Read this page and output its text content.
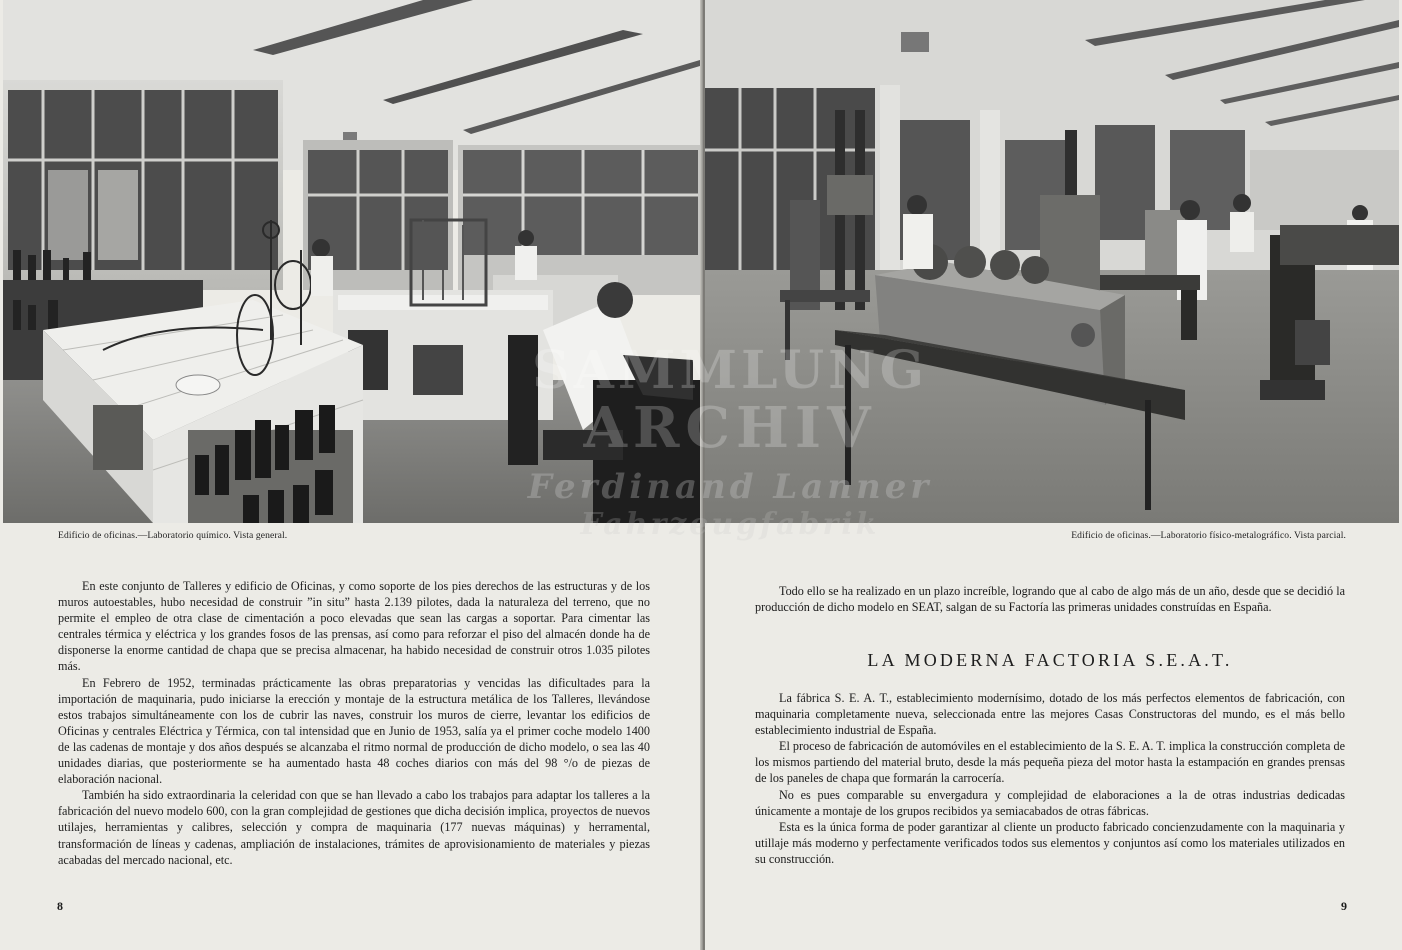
Edificio de oficinas.—Laboratorio químico. Vista general.

En este conjunto de Talleres y edificio de Oficinas, y como soporte de los pies derechos de las estructuras y de los muros autoestables, hubo necesidad de construir ”in situ” hasta 2.139 pilotes, dada la naturaleza del terreno, que no permite el empleo de otra clase de cimentación a poco elevadas que sean las cargas a soportar. Para cimentar las centrales térmica y eléctrica y los grandes fosos de las prensas, así como para reforzar el piso del almacén donde ha de disponerse la enorme cantidad de chapa que se precisa almacenar, ha habido necesidad de construir otros 1.035 pilotes más.

En Febrero de 1952, terminadas prácticamente las obras preparatorias y vencidas las dificultades para la importación de maquinaria, pudo iniciarse la erección y montaje de la estructura metálica de los Talleres, llevándose estos trabajos simultáneamente con los de cubrir las naves, construir los muros de cierre, levantar los edificios de Oficinas y centrales Eléctrica y Térmica, con tal intensidad que en Junio de 1953, salía ya el primer coche modelo 1400 de las cadenas de montaje y dos años después se alcanzaba el ritmo normal de producción de dicho modelo, o sea las 40 unidades diarias, que posteriormente se ha aumentado hasta 48 coches diarios con más del 98 °/o de piezas de elaboración nacional.

También ha sido extraordinaria la celeridad con que se han llevado a cabo los trabajos para adaptar los talleres a la fabricación del nuevo modelo 600, con la gran complejidad de gestiones que dicha decisión implica, proyectos de nuevos utilajes, herramientas y calibres, selección y compra de maquinaria (177 nuevas máquinas) y herramental, transformación de líneas y cadenas, ampliación de instalaciones, trámites de aprovisionamiento de materiales y piezas acabadas del mercado nacional, etc.

8
Edificio de oficinas.—Laboratorio físico-metalográfico. Vista parcial.

Todo ello se ha realizado en un plazo increíble, logrando que al cabo de algo más de un año, desde que se decidió la producción de dicho modelo en SEAT, salgan de su Factoría las primeras unidades construídas en España.

LA MODERNA FACTORIA S.E.A.T.

La fábrica S. E. A. T., establecimiento modernísimo, dotado de los más perfectos elementos de fabricación, con maquinaria completamente nueva, seleccionada entre las mejores Casas Constructoras del mundo, es el más bello establecimiento industrial de España.

El proceso de fabricación de automóviles en el establecimiento de la S. E. A. T. implica la construcción completa de los mismos partiendo del material bruto, desde la más pequeña pieza del motor hasta la estampación en grandes prensas de los paneles de chapa que formarán la carrocería.

No es pues comparable su envergadura y complejidad de elaboraciones a la de otras industrias dedicadas únicamente a montaje de los grupos recibidos ya semiacabados de otras fábricas.

Esta es la única forma de poder garantizar al cliente un producto fabricado concienzudamente con la maquinaria y utillaje más moderno y perfectamente verificados todos sus elementos y conjuntos así como los materiales utilizados en su construcción.

9
SAMMLUNG
ARCHIV
Ferdinand Lanner
Fahrzeugfabrik
